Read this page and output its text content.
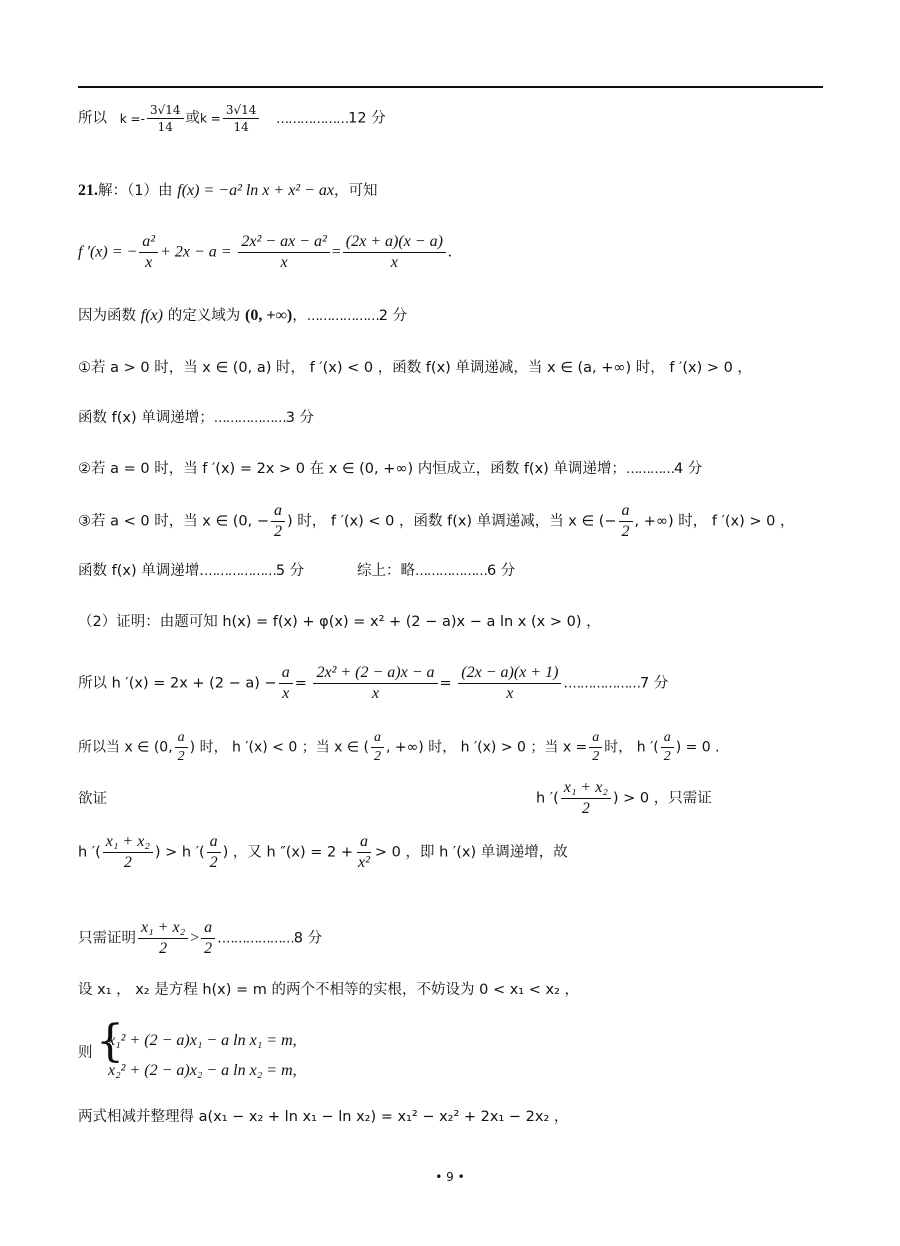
所以 $k =- \frac{3√14}{14}$ 或$k = \frac{3√14}{14}$ ………………12 分
21.解：（1）由 f(x) = −a² ln x + x² − ax，可知
f ′(x) = − $\frac{\text{a²}}{x} + 2x - a = \frac{\text{2x² − ax − a²}}{x} = \frac{(2x + a)(x - a)}{x}$ .
因为函数 f(x) 的定义域为 (0, +∞)，………………2 分
①若 a > 0 时，当 x ∈ (0, a) 时， f ′(x) < 0 ，函数 f(x) 单调递减，当 x ∈ (a, +∞) 时， f ′(x) > 0 ，
函数 f(x) 单调递增；………………3 分
②若 a = 0 时，当 f ′(x) = 2x > 0 在 x ∈ (0, +∞) 内恒成立，函数 f(x) 单调递增；…………4 分
③若 a < 0 时，当 x ∈ (0, − $\frac{a}{2}$ ) 时， f ′(x) < 0 ，函数 f(x) 单调递减，当 x ∈ (− $\frac{a}{2}$ , +∞) 时， f ′(x) > 0 ，
函数 f(x) 单调递增.………………5 分	综上：略………………6 分
（2）证明：由题可知 h(x) = f(x) + φ(x) = x² + (2 − a)x − a ln x (x > 0) ，
所以 h $'(x) = 2x + (2 - a) - \frac{a}{x} = \frac{\text{2x² + (2 − a)x − a}}{x} = \frac{(2x - a)(x + 1)}{x}$ .………………7 分
所以当 x ∈ (0, $\frac{a}{2}$ ) 时， h ′(x) < 0 ；当 x ∈ ( $\frac{a}{2}$ , +∞) 时， h ′(x) > 0 ；当 $x = \frac{a}{2}$ 时， h ′( $\frac{a}{2}$ ) = 0 .
欲证	h ′( $\frac{\text{x₁ + x₂}}{2}$ ) > 0 ，只需证
h ′( $\frac{\text{x₁ + x₂}}{2}$ ) > h ′( $\frac{a}{2}$ ) ，又 h $''(x) = 2 + \frac{a}{\text{x²}} > 0$ ，即 h ′(x) 单调递增，故
只需证明 $\frac{\text{x₁ + x₂}}{2} > \frac{a}{2}$ .………………8 分
设 x₁ ， x₂ 是方程 h(x) = m 的两个不相等的实根，不妨设为 0 < x₁ < x₂ ，
则 {
x₁² + (2 − a)x₁ − a ln x₁ = m,
x₂² + (2 − a)x₂ − a ln x₂ = m,
两式相减并整理得 a(x₁ − x₂ + ln x₁ − ln x₂) = x₁² − x₂² + 2x₁ − 2x₂ ，
• 9 •
